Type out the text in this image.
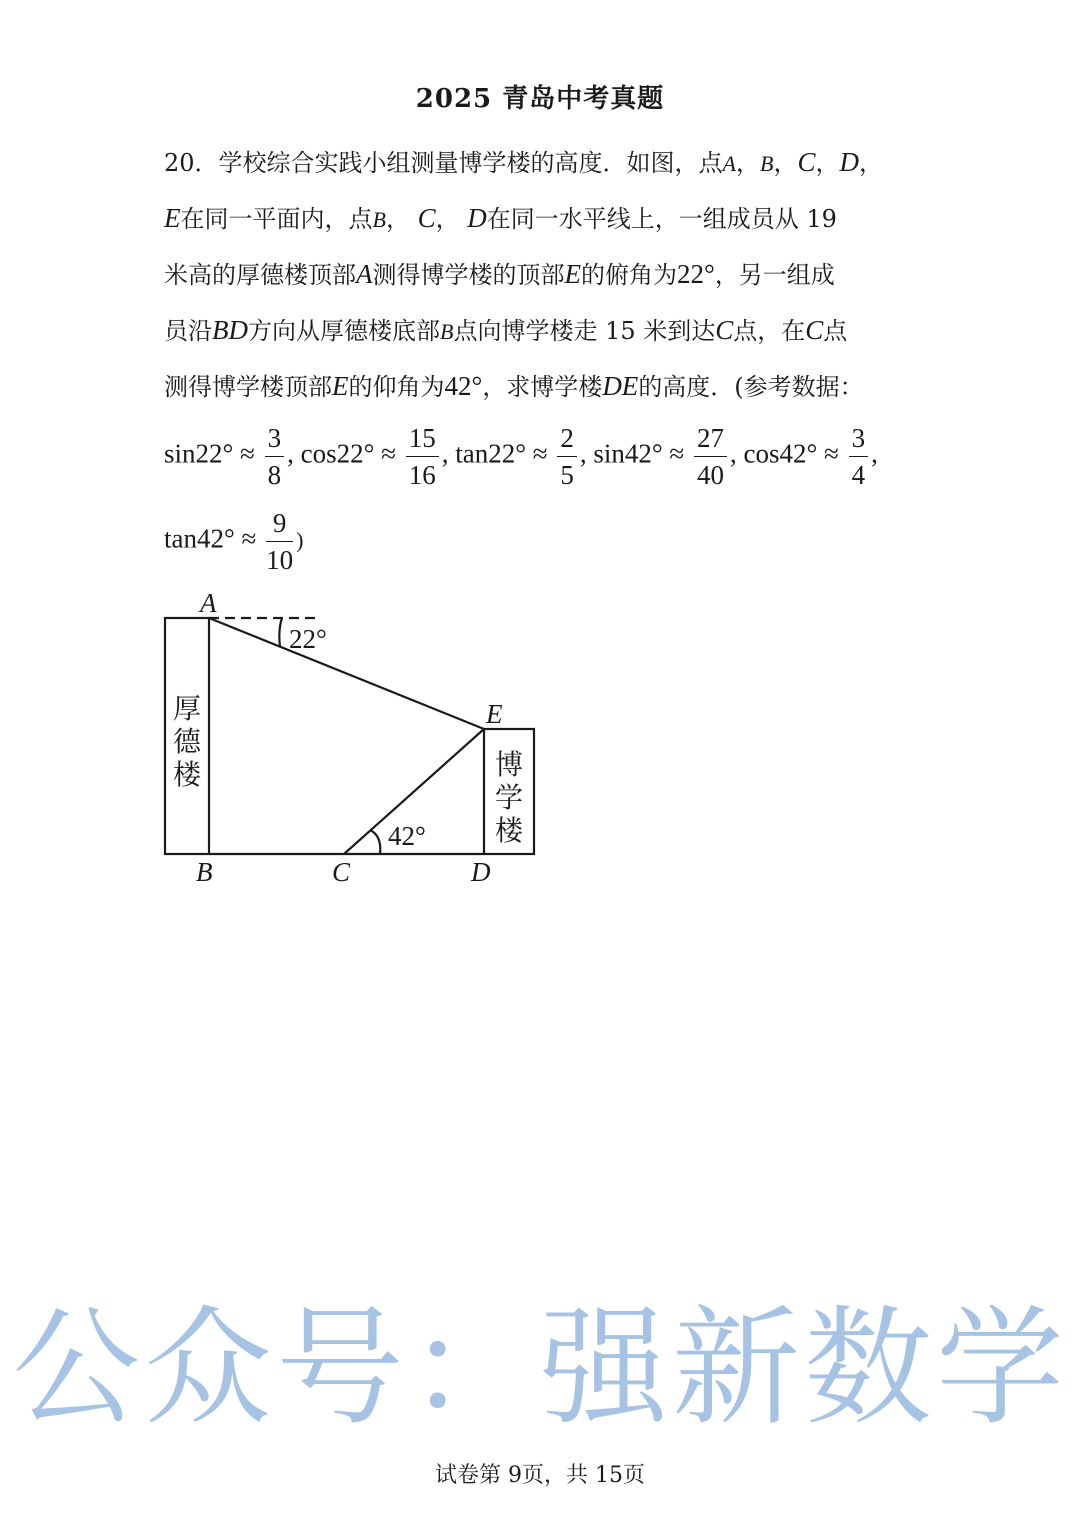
2025 青岛中考真题
20．学校综合实践小组测量博学楼的高度．如图，点A，B，C，D，
E在同一平面内，点B， C， D在同一水平线上，一组成员从 19
米高的厚德楼顶部A测得博学楼的顶部E的俯角为22°，另一组成
员沿BD方向从厚德楼底部B点向博学楼走 15 米到达C点，在C点
测得博学楼顶部E的仰角为42°，求博学楼DE的高度．(参考数据：
$\sin 22^\circ \approx \frac{3}{8}$ , $\cos 22^\circ \approx \frac{15}{16}$ , $\tan 22^\circ \approx \frac{2}{5}$ , $\sin 42^\circ \approx \frac{27}{40}$ , $\cos 42^\circ \approx \frac{3}{4}$ ,
$\tan 42^\circ \approx \frac{9}{10}$ )
A
B	C	D
E
22°
42°
厚
德
楼	博
学
楼
公众号：强新数学
试卷第 9页，共 15页
